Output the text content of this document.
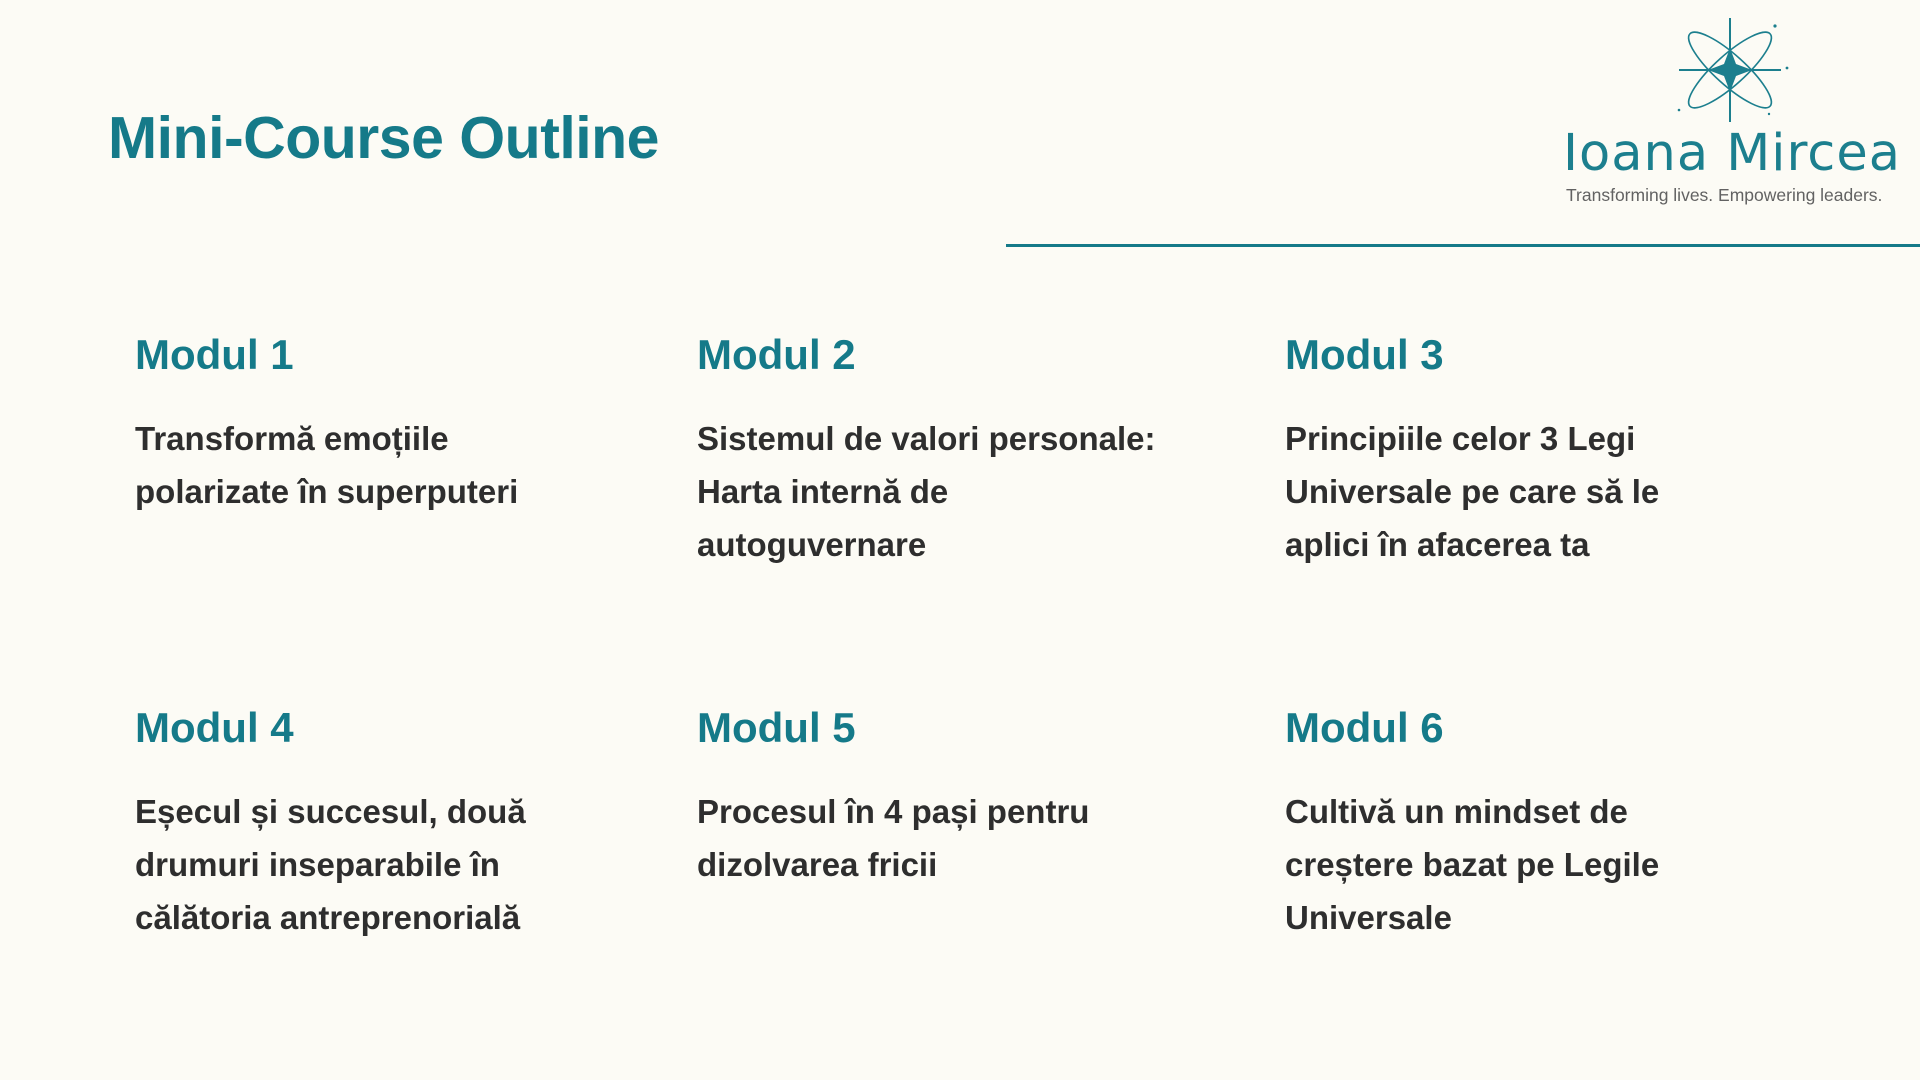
Mini-Course Outline	Ioana Mircea
Transforming lives. Empowering leaders.
Modul 1

Transformă emoțiile
polarizate în superputeri

Modul 2

Sistemul de valori personale:
Harta internă de
autoguvernare

Modul 3

Principiile celor 3 Legi
Universale pe care să le
aplici în afacerea ta

Modul 4

Eșecul și succesul, două
drumuri inseparabile în
călătoria antreprenorială

Modul 5

Procesul în 4 pași pentru
dizolvarea fricii

Modul 6

Cultivă un mindset de
creștere bazat pe Legile
Universale
